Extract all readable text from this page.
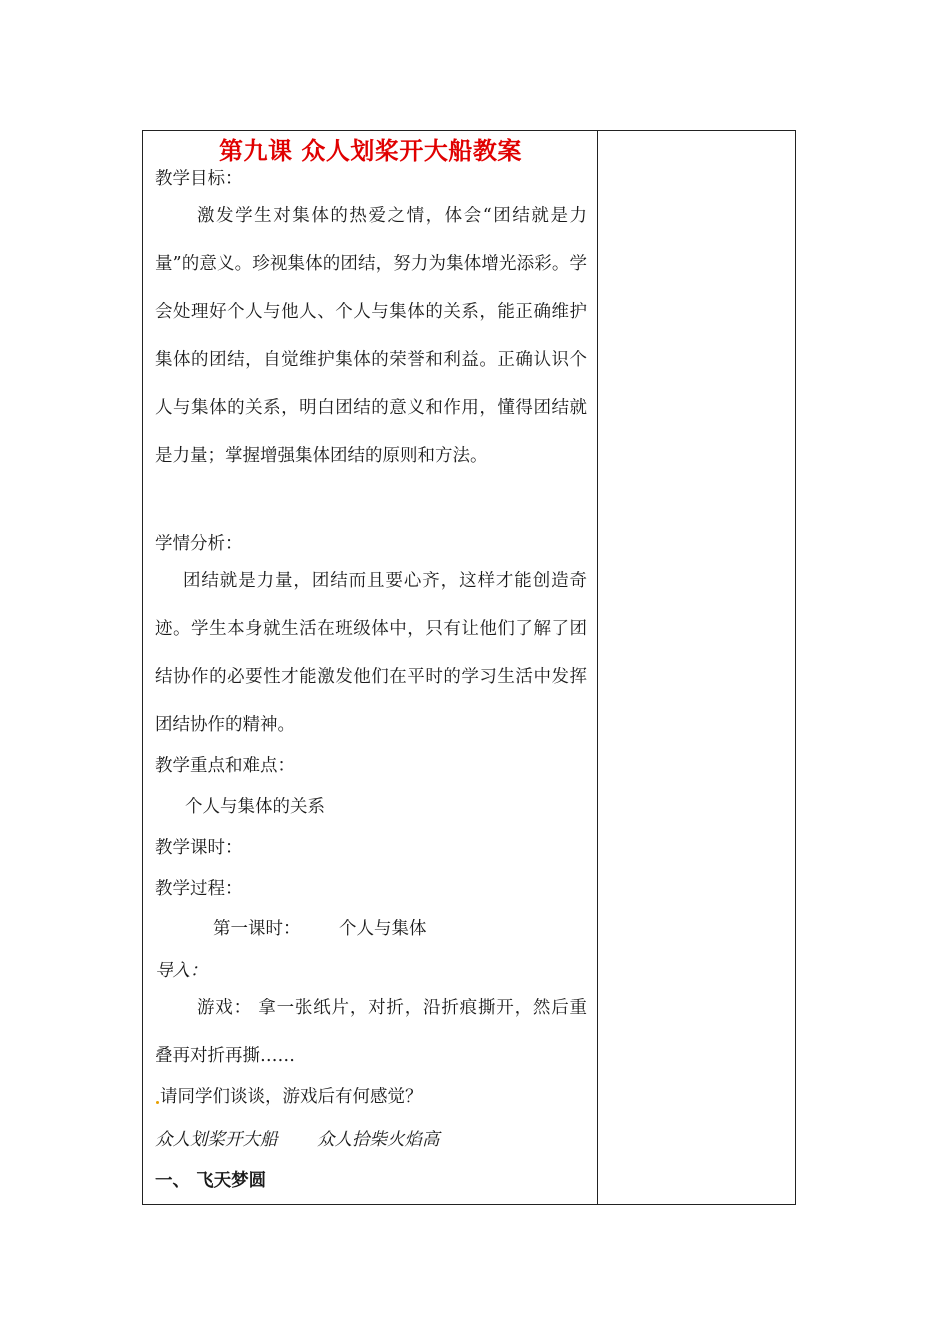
第九课 众人划桨开大船教案
教学目标：
激发学生对集体的热爱之情，体会“团结就是力量”的意义。珍视集体的团结，努力为集体增光添彩。学会处理好个人与他人、个人与集体的关系，能正确维护集体的团结，自觉维护集体的荣誉和利益。正确认识个人与集体的关系，明白团结的意义和作用，懂得团结就是力量；掌握增强集体团结的原则和方法。
学情分析：
团结就是力量，团结而且要心齐，这样才能创造奇迹。学生本身就生活在班级体中，只有让他们了解了团结协作的必要性才能激发他们在平时的学习生活中发挥团结协作的精神。
教学重点和难点：
个人与集体的关系
教学课时：
教学过程：
第一课时： 个人与集体
导入：
游戏： 拿一张纸片，对折，沿折痕撕开，然后重叠再对折再撕……
请同学们谈谈，游戏后有何感觉？
众人划桨开大船 众人拾柴火焰高
一、 飞天梦圆
